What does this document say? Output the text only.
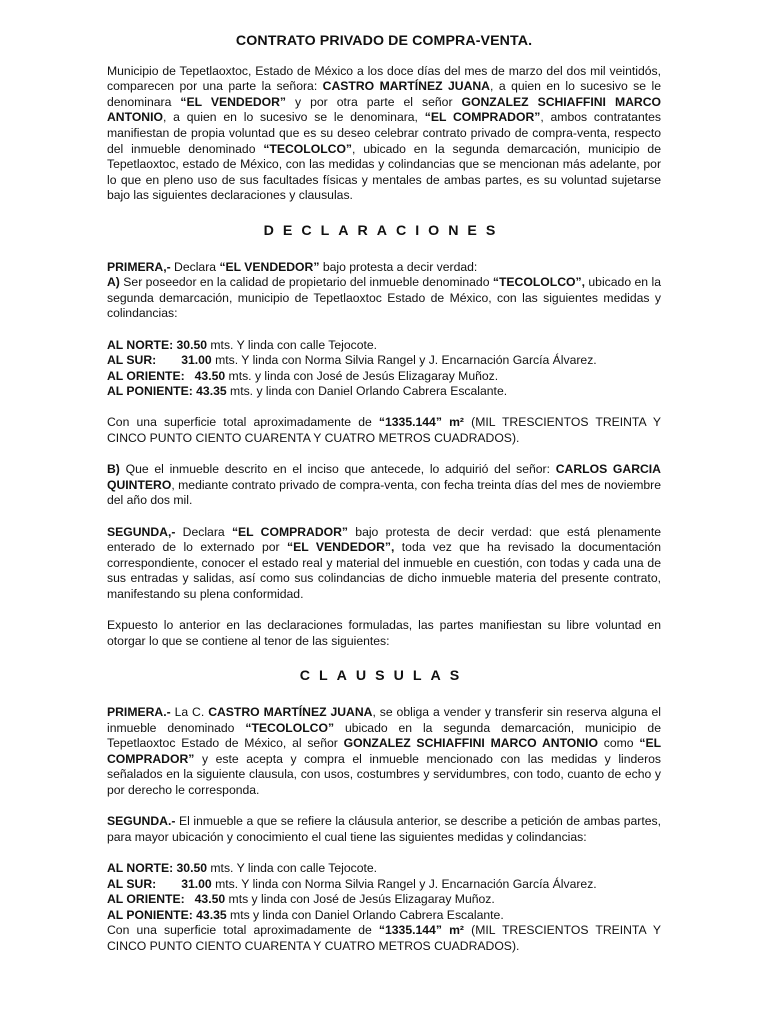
CONTRATO PRIVADO DE COMPRA-VENTA.

Municipio de Tepetlaoxtoc, Estado de México a los doce días del mes de marzo del dos mil veintidós, comparecen por una parte la señora: CASTRO MARTÍNEZ JUANA, a quien en lo sucesivo se le denominara “EL VENDEDOR” y por otra parte el señor GONZALEZ SCHIAFFINI MARCO ANTONIO, a quien en lo sucesivo se le denominara, “EL COMPRADOR”, ambos contratantes manifiestan de propia voluntad que es su deseo celebrar contrato privado de compra-venta, respecto del inmueble denominado “TECOLOLCO”, ubicado en la segunda demarcación, municipio de Tepetlaoxtoc, estado de México, con las medidas y colindancias que se mencionan más adelante, por lo que en pleno uso de sus facultades físicas y mentales de ambas partes, es su voluntad sujetarse bajo las siguientes declaraciones y clausulas.

DECLARACIONES

PRIMERA,- Declara “EL VENDEDOR” bajo protesta a decir verdad:

A) Ser poseedor en la calidad de propietario del inmueble denominado “TECOLOLCO”, ubicado en la segunda demarcación, municipio de Tepetlaoxtoc Estado de México, con las siguientes medidas y colindancias:

AL NORTE: 30.50 mts. Y linda con calle Tejocote.

AL SUR: 31.00 mts. Y linda con Norma Silvia Rangel y J. Encarnación García Álvarez.

AL ORIENTE: 43.50 mts. y linda con José de Jesús Elizagaray Muñoz.

AL PONIENTE: 43.35 mts. y linda con Daniel Orlando Cabrera Escalante.

Con una superficie total aproximadamente de “1335.144” m² (MIL TRESCIENTOS TREINTA Y CINCO PUNTO CIENTO CUARENTA Y CUATRO METROS CUADRADOS).

B) Que el inmueble descrito en el inciso que antecede, lo adquirió del señor: CARLOS GARCIA QUINTERO, mediante contrato privado de compra-venta, con fecha treinta días del mes de noviembre del año dos mil.

SEGUNDA,- Declara “EL COMPRADOR” bajo protesta de decir verdad: que está plenamente enterado de lo externado por “EL VENDEDOR”, toda vez que ha revisado la documentación correspondiente, conocer el estado real y material del inmueble en cuestión, con todas y cada una de sus entradas y salidas, así como sus colindancias de dicho inmueble materia del presente contrato, manifestando su plena conformidad.

Expuesto lo anterior en las declaraciones formuladas, las partes manifiestan su libre voluntad en otorgar lo que se contiene al tenor de las siguientes:

CLAUSULAS

PRIMERA.- La C. CASTRO MARTÍNEZ JUANA, se obliga a vender y transferir sin reserva alguna el inmueble denominado “TECOLOLCO” ubicado en la segunda demarcación, municipio de Tepetlaoxtoc Estado de México, al señor GONZALEZ SCHIAFFINI MARCO ANTONIO como “EL COMPRADOR” y este acepta y compra el inmueble mencionado con las medidas y linderos señalados en la siguiente clausula, con usos, costumbres y servidumbres, con todo, cuanto de echo y por derecho le corresponda.

SEGUNDA.- El inmueble a que se refiere la cláusula anterior, se describe a petición de ambas partes, para mayor ubicación y conocimiento el cual tiene las siguientes medidas y colindancias:

AL NORTE: 30.50 mts. Y linda con calle Tejocote.

AL SUR: 31.00 mts. Y linda con Norma Silvia Rangel y J. Encarnación García Álvarez.

AL ORIENTE: 43.50 mts y linda con José de Jesús Elizagaray Muñoz.

AL PONIENTE: 43.35 mts y linda con Daniel Orlando Cabrera Escalante.

Con una superficie total aproximadamente de “1335.144” m² (MIL TRESCIENTOS TREINTA Y CINCO PUNTO CIENTO CUARENTA Y CUATRO METROS CUADRADOS).
